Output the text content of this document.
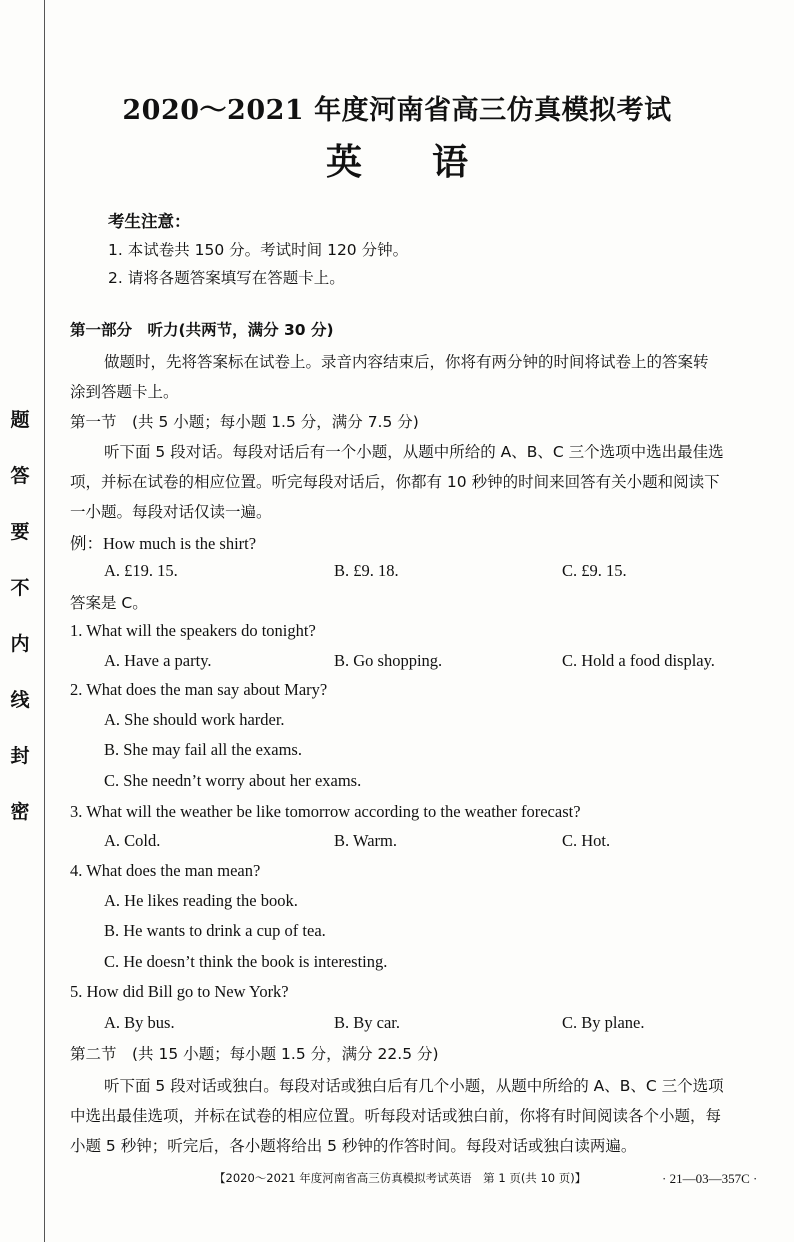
题
答
要
不
内
线
封
密
2020～2021 年度河南省高三仿真模拟考试
英语
考生注意：
1. 本试卷共 150 分。考试时间 120 分钟。
2. 请将各题答案填写在答题卡上。
第一部分　听力(共两节，满分 30 分)
做题时，先将答案标在试卷上。录音内容结束后，你将有两分钟的时间将试卷上的答案转
涂到答题卡上。
第一节　(共 5 小题；每小题 1.5 分，满分 7.5 分)
听下面 5 段对话。每段对话后有一个小题，从题中所给的 A、B、C 三个选项中选出最佳选
项，并标在试卷的相应位置。听完每段对话后，你都有 10 秒钟的时间来回答有关小题和阅读下
一小题。每段对话仅读一遍。
例：How much is the shirt?
A. £19. 15.	B. £9. 18.	C. £9. 15.
答案是 C。
1. What will the speakers do tonight?
A. Have a party.	B. Go shopping.	C. Hold a food display.
2. What does the man say about Mary?
A. She should work harder.
B. She may fail all the exams.
C. She needn’t worry about her exams.
3. What will the weather be like tomorrow according to the weather forecast?
A. Cold.	B. Warm.	C. Hot.
4. What does the man mean?
A. He likes reading the book.
B. He wants to drink a cup of tea.
C. He doesn’t think the book is interesting.
5. How did Bill go to New York?
A. By bus.	B. By car.	C. By plane.
第二节　(共 15 小题；每小题 1.5 分，满分 22.5 分)
听下面 5 段对话或独白。每段对话或独白后有几个小题，从题中所给的 A、B、C 三个选项
中选出最佳选项，并标在试卷的相应位置。听每段对话或独白前，你将有时间阅读各个小题，每
小题 5 秒钟；听完后，各小题将给出 5 秒钟的作答时间。每段对话或独白读两遍。
【2020～2021 年度河南省高三仿真模拟考试英语　第 1 页(共 10 页)】	· 21—03—357C ·
